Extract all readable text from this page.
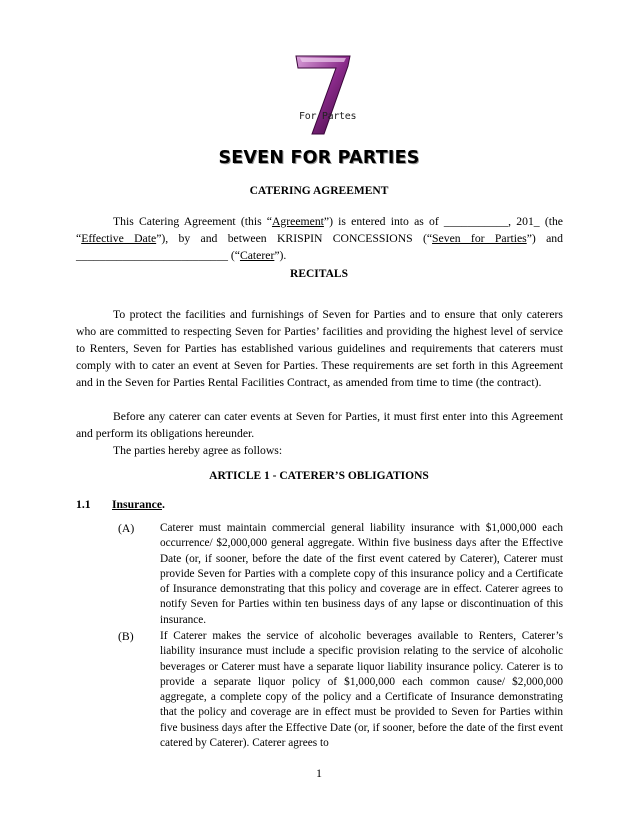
For Partes
SEVEN FOR PARTIES
CATERING AGREEMENT
This Catering Agreement (this “Agreement”) is entered into as of ___________, 201_ (the “Effective Date”), by and between KRISPIN CONCESSIONS (“Seven for Parties”) and __________________________ (“Caterer”).
RECITALS
To protect the facilities and furnishings of Seven for Parties and to ensure that only caterers who are committed to respecting Seven for Parties’ facilities and providing the highest level of service to Renters, Seven for Parties has established various guidelines and requirements that caterers must comply with to cater an event at Seven for Parties. These requirements are set forth in this Agreement and in the Seven for Parties Rental Facilities Contract, as amended from time to time (the contract).
Before any caterer can cater events at Seven for Parties, it must first enter into this Agreement and perform its obligations hereunder.
The parties hereby agree as follows:
ARTICLE 1 - CATERER’S OBLIGATIONS
1.1 Insurance.
(A) Caterer must maintain commercial general liability insurance with $1,000,000 each occurrence/ $2,000,000 general aggregate. Within five business days after the Effective Date (or, if sooner, before the date of the first event catered by Caterer), Caterer must provide Seven for Parties with a complete copy of this insurance policy and a Certificate of Insurance demonstrating that this policy and coverage are in effect. Caterer agrees to notify Seven for Parties within ten business days of any lapse or discontinuation of this insurance.
(B) If Caterer makes the service of alcoholic beverages available to Renters, Caterer’s liability insurance must include a specific provision relating to the service of alcoholic beverages or Caterer must have a separate liquor liability insurance policy. Caterer is to provide a separate liquor policy of $1,000,000 each common cause/ $2,000,000 aggregate, a complete copy of the policy and a Certificate of Insurance demonstrating that the policy and coverage are in effect must be provided to Seven for Parties within five business days after the Effective Date (or, if sooner, before the date of the first event catered by Caterer). Caterer agrees to
1
